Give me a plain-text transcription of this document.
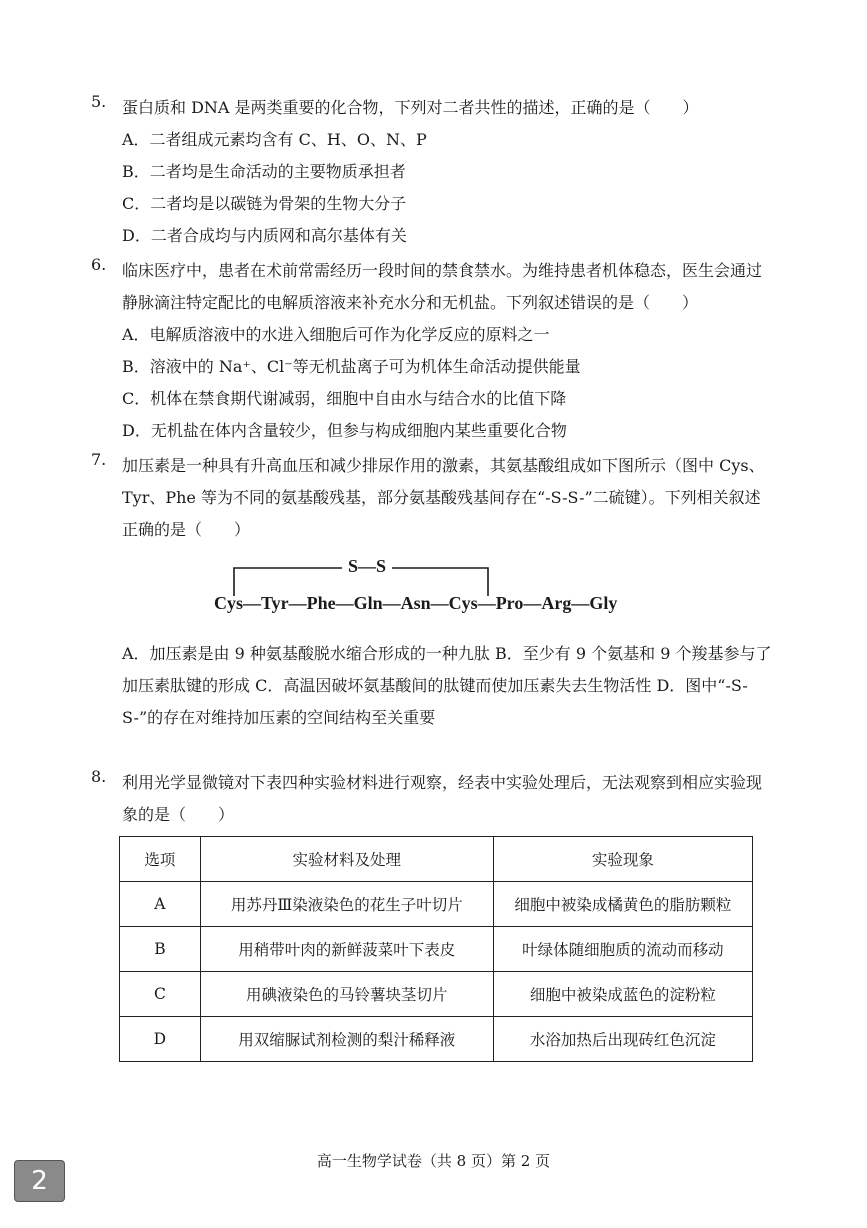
5. 蛋白质和 DNA 是两类重要的化合物，下列对二者共性的描述，正确的是（　　）
A．二者组成元素均含有 C、H、O、N、P
B．二者均是生命活动的主要物质承担者
C．二者均是以碳链为骨架的生物大分子
D．二者合成均与内质网和高尔基体有关
6. 临床医疗中，患者在术前常需经历一段时间的禁食禁水。为维持患者机体稳态，医生会通过
静脉滴注特定配比的电解质溶液来补充水分和无机盐。下列叙述错误的是（　　）
A．电解质溶液中的水进入细胞后可作为化学反应的原料之一
B．溶液中的 Na⁺、Cl⁻等无机盐离子可为机体生命活动提供能量
C．机体在禁食期代谢减弱，细胞中自由水与结合水的比值下降
D．无机盐在体内含量较少，但参与构成细胞内某些重要化合物
7. 加压素是一种具有升高血压和减少排尿作用的激素，其氨基酸组成如下图所示（图中 Cys、
Tyr、Phe 等为不同的氨基酸残基，部分氨基酸残基间存在“-S-S-”二硫键）。下列相关叙述
正确的是（　　）
S—S
Cys—Tyr—Phe—Gln—Asn—Cys—Pro—Arg—Gly
A．加压素是由 9 种氨基酸脱水缩合形成的一种九肽 B．至少有 9 个氨基和 9 个羧基参与了加压素肽键的形成 C．高温因破坏氨基酸间的肽键而使加压素失去生物活性 D．图中“-S-S-”的存在对维持加压素的空间结构至关重要
8. 利用光学显微镜对下表四种实验材料进行观察，经表中实验处理后，无法观察到相应实验现
象的是（　　）
选项	实验材料及处理	实验现象
A	用苏丹Ⅲ染液染色的花生子叶切片	细胞中被染成橘黄色的脂肪颗粒
B	用稍带叶肉的新鲜菠菜叶下表皮	叶绿体随细胞质的流动而移动
C	用碘液染色的马铃薯块茎切片	细胞中被染成蓝色的淀粉粒
D	用双缩脲试剂检测的梨汁稀释液	水浴加热后出现砖红色沉淀
高一生物学试卷（共 8 页）第 2 页
2
